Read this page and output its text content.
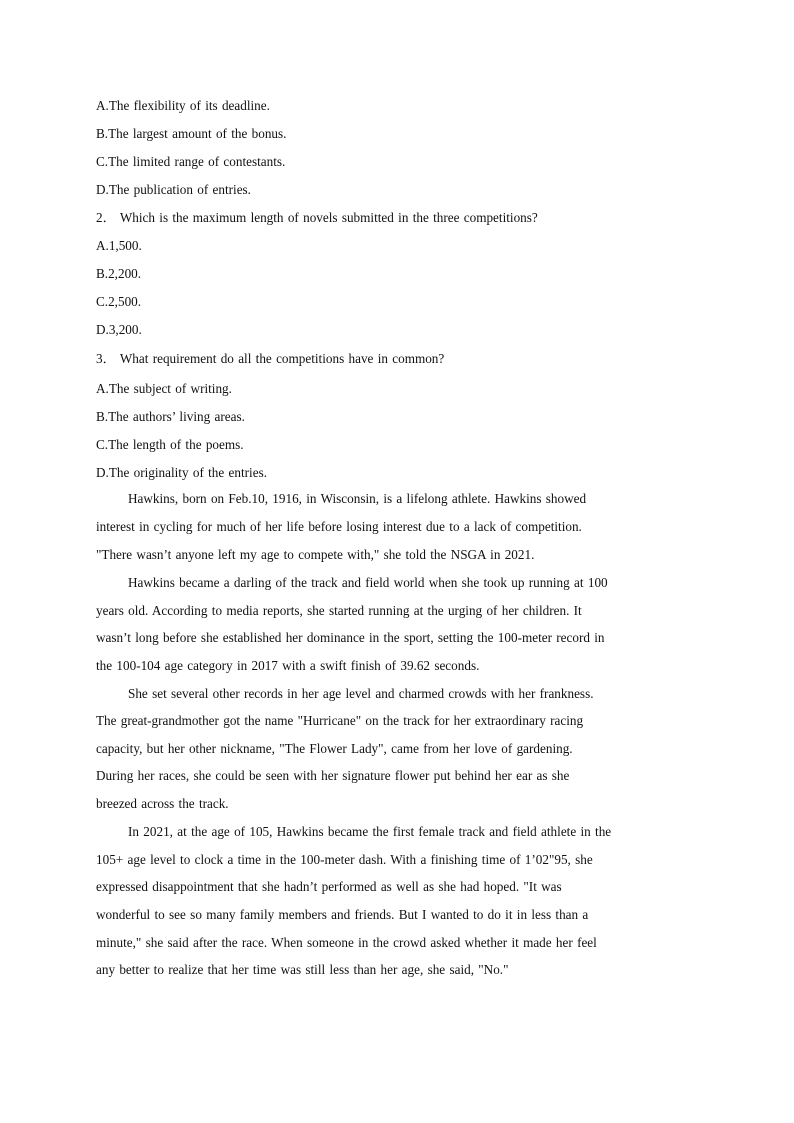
A.The flexibility of its deadline.
B.The largest amount of the bonus.
C.The limited range of contestants.
D.The publication of entries.
2． Which is the maximum length of novels submitted in the three competitions?
A.1,500.
B.2,200.
C.2,500.
D.3,200.
3． What requirement do all the competitions have in common?
A.The subject of writing.
B.The authors’ living areas.
C.The length of the poems.
D.The originality of the entries.
Hawkins, born on Feb.10, 1916, in Wisconsin, is a lifelong athlete. Hawkins showed
interest in cycling for much of her life before losing interest due to a lack of competition.
"There wasn’t anyone left my age to compete with," she told the NSGA in 2021.
Hawkins became a darling of the track and field world when she took up running at 100
years old. According to media reports, she started running at the urging of her children. It
wasn’t long before she established her dominance in the sport, setting the 100-meter record in
the 100-104 age category in 2017 with a swift finish of 39.62 seconds.
She set several other records in her age level and charmed crowds with her frankness.
The great-grandmother got the name "Hurricane" on the track for her extraordinary racing
capacity, but her other nickname, "The Flower Lady", came from her love of gardening.
During her races, she could be seen with her signature flower put behind her ear as she
breezed across the track.
In 2021, at the age of 105, Hawkins became the first female track and field athlete in the
105+ age level to clock a time in the 100-meter dash. With a finishing time of 1’02"95, she
expressed disappointment that she hadn’t performed as well as she had hoped. "It was
wonderful to see so many family members and friends. But I wanted to do it in less than a
minute," she said after the race. When someone in the crowd asked whether it made her feel
any better to realize that her time was still less than her age, she said, "No."
